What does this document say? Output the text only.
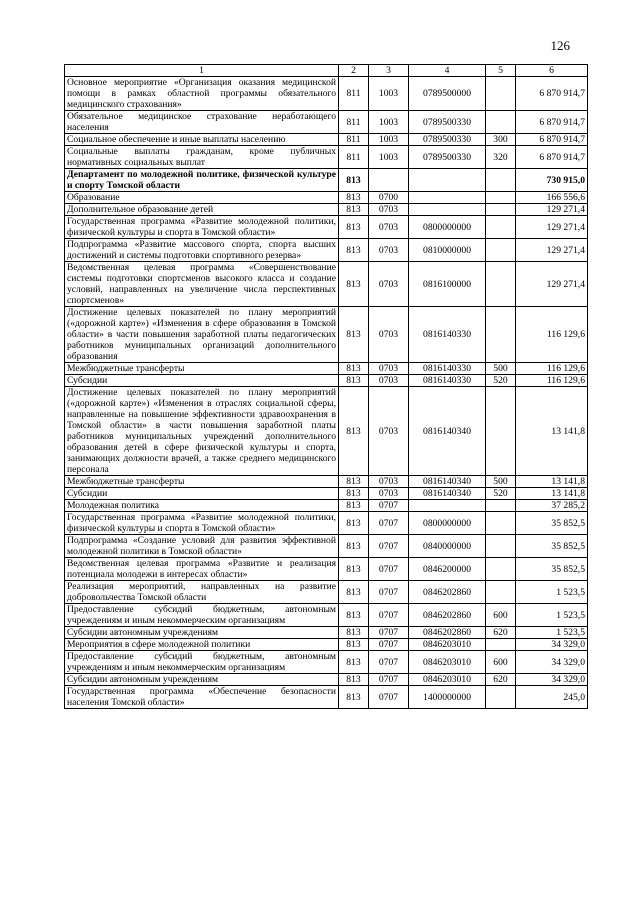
126
1	2	3	4	5	6
Основное мероприятие «Организация оказания медицинской помощи в рамках областной программы обязательного медицинского страхования»	811	1003	0789500000		6 870 914,7
Обязательное медицинское страхование неработающего населения	811	1003	0789500330		6 870 914,7
Социальное обеспечение и иные выплаты населению	811	1003	0789500330	300	6 870 914,7
Социальные выплаты гражданам, кроме публичных нормативных социальных выплат	811	1003	0789500330	320	6 870 914,7
Департамент по молодежной политике, физической культуре и спорту Томской области	813				730 915,0
Образование	813	0700			166 556,6
Дополнительное образование детей	813	0703			129 271,4
Государственная программа «Развитие молодежной политики, физической культуры и спорта в Томской области»	813	0703	0800000000		129 271,4
Подпрограмма «Развитие массового спорта, спорта высших достижений и системы подготовки спортивного резерва»	813	0703	0810000000		129 271,4
Ведомственная целевая программа «Совершенствование системы подготовки спортсменов высокого класса и создание условий, направленных на увеличение числа перспективных спортсменов»	813	0703	0816100000		129 271,4
Достижение целевых показателей по плану мероприятий («дорожной карте») «Изменения в сфере образования в Томской области» в части повышения заработной платы педагогических работников муниципальных организаций дополнительного образования	813	0703	0816140330		116 129,6
Межбюджетные трансферты	813	0703	0816140330	500	116 129,6
Субсидии	813	0703	0816140330	520	116 129,6
Достижение целевых показателей по плану мероприятий («дорожной карте») «Изменения в отраслях социальной сферы, направленные на повышение эффективности здравоохранения в Томской области» в части повышения заработной платы работников муниципальных учреждений дополнительного образования детей в сфере физической культуры и спорта, занимающих должности врачей, а также среднего медицинского персонала	813	0703	0816140340		13 141,8
Межбюджетные трансферты	813	0703	0816140340	500	13 141,8
Субсидии	813	0703	0816140340	520	13 141,8
Молодежная политика	813	0707			37 285,2
Государственная программа «Развитие молодежной политики, физической культуры и спорта в Томской области»	813	0707	0800000000		35 852,5
Подпрограмма «Создание условий для развития эффективной молодежной политики в Томской области»	813	0707	0840000000		35 852,5
Ведомственная целевая программа «Развитие и реализация потенциала молодежи в интересах области»	813	0707	0846200000		35 852,5
Реализация мероприятий, направленных на развитие добровольчества Томской области	813	0707	0846202860		1 523,5
Предоставление субсидий бюджетным, автономным учреждениям и иным некоммерческим организациям	813	0707	0846202860	600	1 523,5
Субсидии автономным учреждениям	813	0707	0846202860	620	1 523,5
Мероприятия в сфере молодежной политики	813	0707	0846203010		34 329,0
Предоставление субсидий бюджетным, автономным учреждениям и иным некоммерческим организациям	813	0707	0846203010	600	34 329,0
Субсидии автономным учреждениям	813	0707	0846203010	620	34 329,0
Государственная программа «Обеспечение безопасности населения Томской области»	813	0707	1400000000		245,0
